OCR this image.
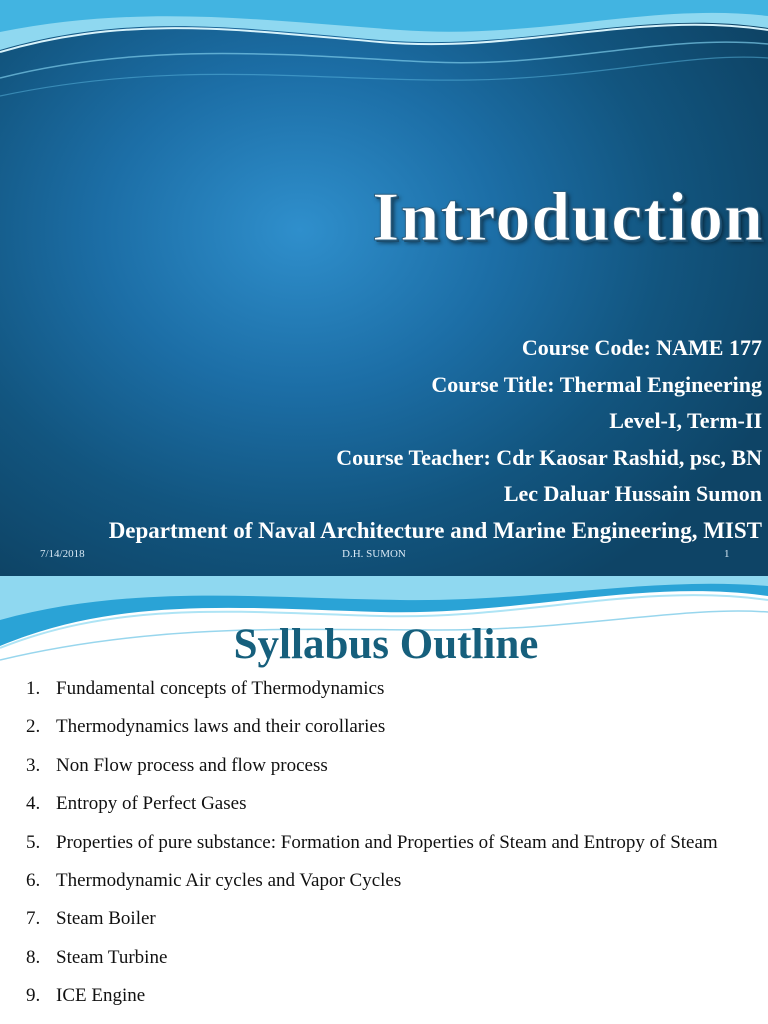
Introduction
Course Code: NAME 177
Course Title: Thermal Engineering
Level-I, Term-II
Course Teacher: Cdr Kaosar Rashid, psc, BN
Lec Daluar Hussain Sumon
Department of Naval Architecture and Marine Engineering, MIST
7/14/2018	D.H. SUMON	1
Syllabus Outline
1. Fundamental concepts of Thermodynamics
2. Thermodynamics laws and their corollaries
3. Non Flow process and flow process
4. Entropy of Perfect Gases
5. Properties of pure substance: Formation and Properties of Steam and Entropy of Steam
6. Thermodynamic Air cycles and Vapor Cycles
7. Steam Boiler
8. Steam Turbine
9. ICE Engine
